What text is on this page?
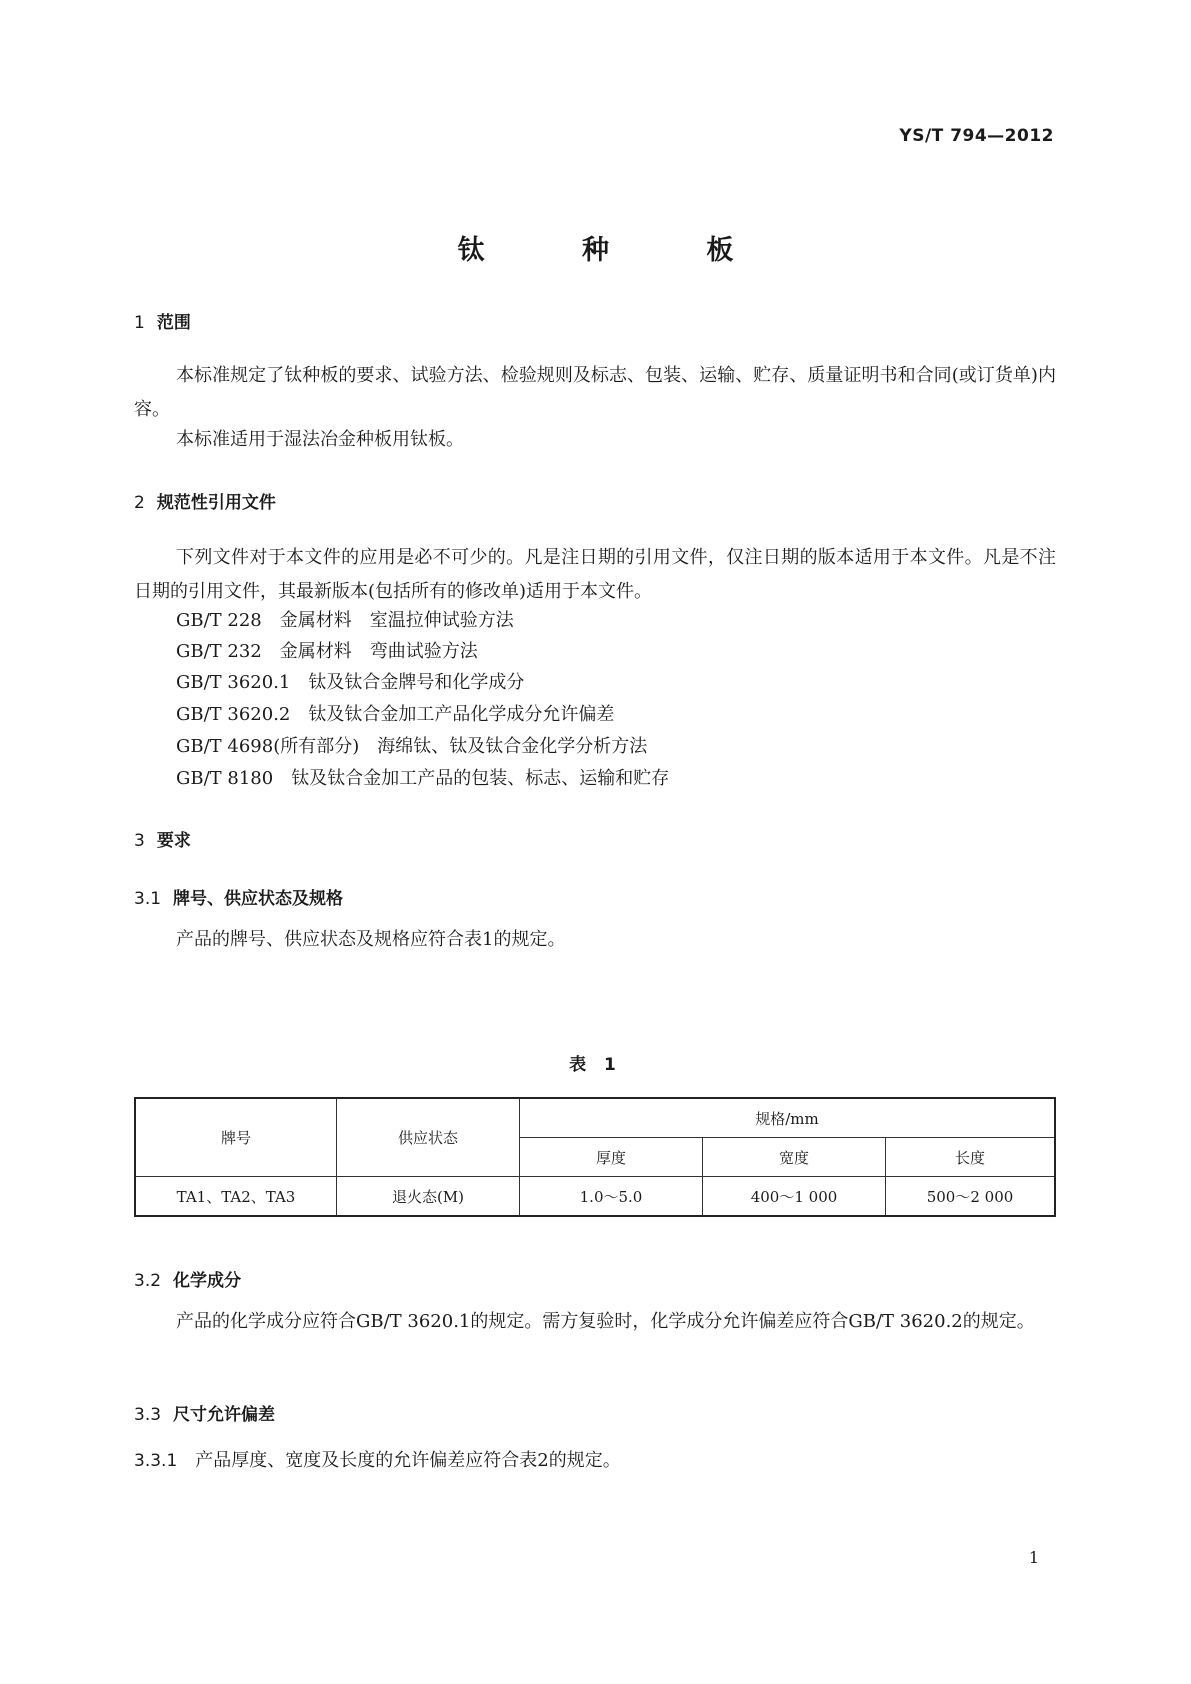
YS/T 794—2012
钛 种 板
1 范围
本标准规定了钛种板的要求、试验方法、检验规则及标志、包装、运输、贮存、质量证明书和合同(或订货单)内容。
本标准适用于湿法冶金种板用钛板。
2 规范性引用文件
下列文件对于本文件的应用是必不可少的。凡是注日期的引用文件，仅注日期的版本适用于本文件。凡是不注日期的引用文件，其最新版本(包括所有的修改单)适用于本文件。
GB/T 228　金属材料　室温拉伸试验方法
GB/T 232　金属材料　弯曲试验方法
GB/T 3620.1　钛及钛合金牌号和化学成分
GB/T 3620.2　钛及钛合金加工产品化学成分允许偏差
GB/T 4698(所有部分)　海绵钛、钛及钛合金化学分析方法
GB/T 8180　钛及钛合金加工产品的包装、标志、运输和贮存
3 要求
3.1 牌号、供应状态及规格
产品的牌号、供应状态及规格应符合表1的规定。
表 1
牌号	供应状态	规格/mm		
		厚度	宽度	长度
TA1、TA2、TA3	退火态(M)	1.0～5.0	400～1 000	500～2 000
3.2 化学成分
产品的化学成分应符合GB/T 3620.1的规定。需方复验时，化学成分允许偏差应符合GB/T 3620.2的规定。
3.3 尺寸允许偏差
3.3.1 产品厚度、宽度及长度的允许偏差应符合表2的规定。
1
